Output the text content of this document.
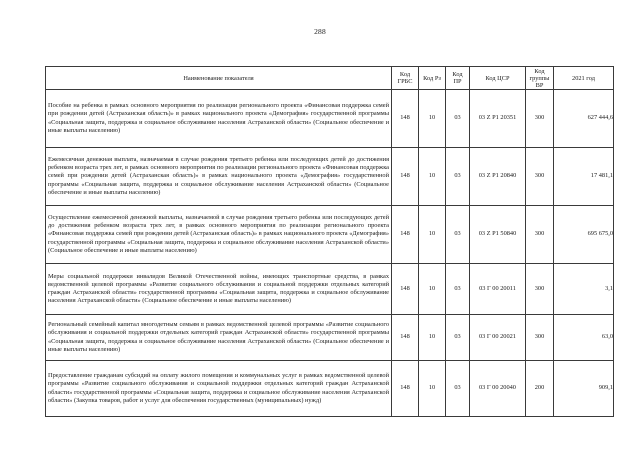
288
Наименование показателя	Код ГРБС	Код Рз	Код ПР	Код ЦСР	Код группы ВР	2021 год
Пособие на ребенка в рамках основного мероприятия по реализации регионального проекта «Финансовая поддержка семей при рождении детей (Астраханская область)» в рамках национального проекта «Демография» государственной программы «Социальная защита, поддержка и социальное обслуживание населения Астраханской области» (Социальное обеспечение и иные выплаты населению)	148	10	03	03 Z P1 20351	300	627 444,6
Ежемесячная денежная выплата, назначаемая в случае рождения третьего ребенка или последующих детей до достижения ребенком возраста трех лет, в рамках основного мероприятия по реализации регионального проекта «Финансовая поддержка семей при рождении детей (Астраханская область)» в рамках национального проекта «Демография» государственной программы «Социальная защита, поддержка и социальное обслуживание населения Астраханской области» (Социальное обеспечение и иные выплаты населению)	148	10	03	03 Z P1 20840	300	17 481,1
Осуществление ежемесячной денежной выплаты, назначаемой в случае рождения третьего ребенка или последующих детей до достижения ребенком возраста трех лет, в рамках основного мероприятия по реализации регионального проекта «Финансовая поддержка семей при рождении детей (Астраханская область)» в рамках национального проекта «Демография» государственной программы «Социальная защита, поддержка и социальное обслуживание населения Астраханской области» (Социальное обеспечение и иные выплаты населению)	148	10	03	03 Z P1 50840	300	695 675,0
Меры социальной поддержки инвалидов Великой Отечественной войны, имеющих транспортные средства, в рамках ведомственной целевой программы «Развитие социального обслуживания и социальной поддержки отдельных категорий граждан Астраханской области» государственной программы «Социальная защита, поддержка и социальное обслуживание населения Астраханской области» (Социальное обеспечение и иные выплаты населению)	148	10	03	03 Г 00 20011	300	3,1
Региональный семейный капитал многодетным семьям в рамках ведомственной целевой программы «Развитие социального обслуживания и социальной поддержки отдельных категорий граждан Астраханской области» государственной программы «Социальная защита, поддержка и социальное обслуживание населения Астраханской области» (Социальное обеспечение и иные выплаты населению)	148	10	03	03 Г 00 20021	300	63,0
Предоставление гражданам субсидий на оплату жилого помещения и коммунальных услуг в рамках ведомственной целевой программы «Развитие социального обслуживания и социальной поддержки отдельных категорий граждан Астраханской области» государственной программы «Социальная защита, поддержка и социальное обслуживание населения Астраханской области» (Закупка товаров, работ и услуг для обеспечения государственных (муниципальных) нужд)	148	10	03	03 Г 00 20040	200	909,1
